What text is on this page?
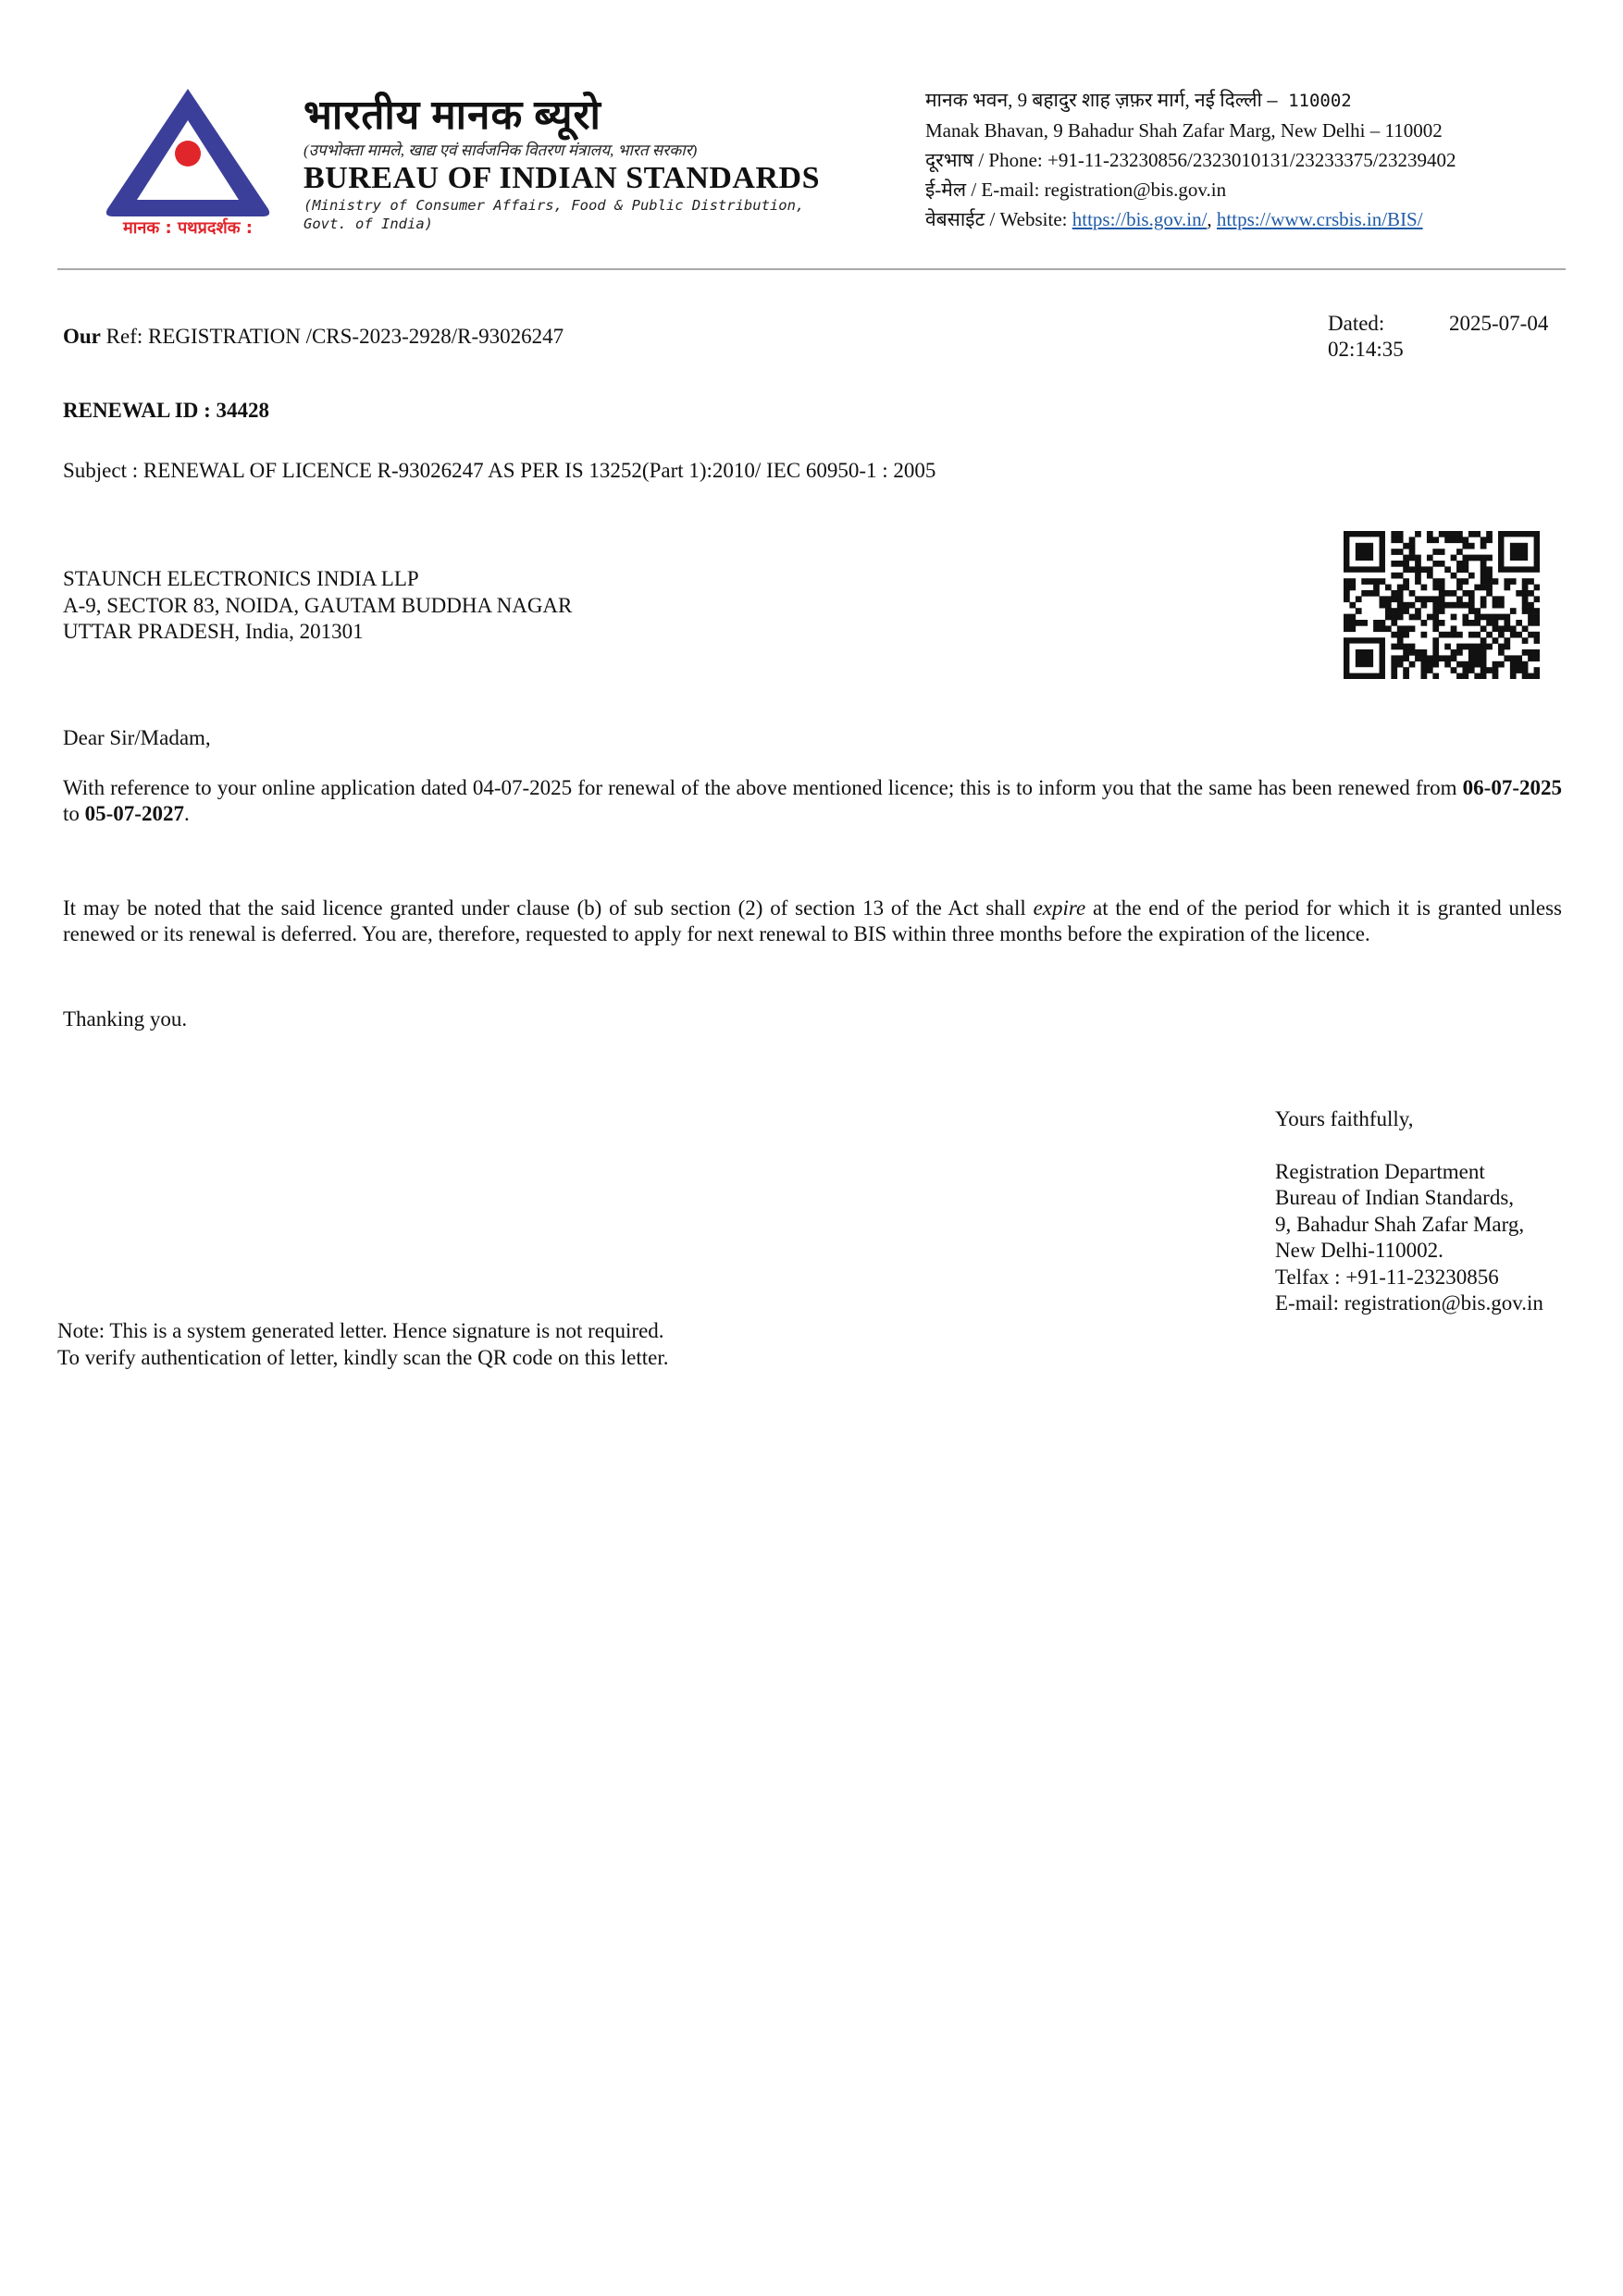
मानक : पथप्रदर्शक :
भारतीय मानक ब्यूरो
(उपभोक्ता मामले, खाद्य एवं सार्वजनिक वितरण मंत्रालय, भारत सरकार)
BUREAU OF INDIAN STANDARDS
(Ministry of Consumer Affairs, Food & Public Distribution,
Govt. of India)
मानक भवन, 9 बहादुर शाह ज़फ़र मार्ग, नई दिल्ली – 110002
Manak Bhavan, 9 Bahadur Shah Zafar Marg, New Delhi – 110002
दूरभाष / Phone: +91-11-23230856/2323010131/23233375/23239402
ई-मेल / E-mail: registration@bis.gov.in
वेबसाईट / Website: https://bis.gov.in/, https://www.crsbis.in/BIS/
Our Ref: REGISTRATION /CRS-2023-2928/R-93026247
Dated:	2025-07-04
02:14:35
RENEWAL ID : 34428
Subject : RENEWAL OF LICENCE R-93026247 AS PER IS 13252(Part 1):2010/ IEC 60950-1 : 2005
STAUNCH ELECTRONICS INDIA LLP
A-9, SECTOR 83, NOIDA, GAUTAM BUDDHA NAGAR
UTTAR PRADESH, India, 201301
Dear Sir/Madam,
With reference to your online application dated 04-07-2025 for renewal of the above mentioned licence; this is to inform you that the same has been renewed from 06-07-2025 to 05-07-2027.
It may be noted that the said licence granted under clause (b) of sub section (2) of section 13 of the Act shall expire at the end of the period for which it is granted unless renewed or its renewal is deferred. You are, therefore, requested to apply for next renewal to BIS within three months before the expiration of the licence.
Thanking you.
Yours faithfully,
Registration Department
Bureau of Indian Standards,
9, Bahadur Shah Zafar Marg,
New Delhi-110002.
Telfax : +91-11-23230856
E-mail: registration@bis.gov.in
Note: This is a system generated letter. Hence signature is not required.
To verify authentication of letter, kindly scan the QR code on this letter.
